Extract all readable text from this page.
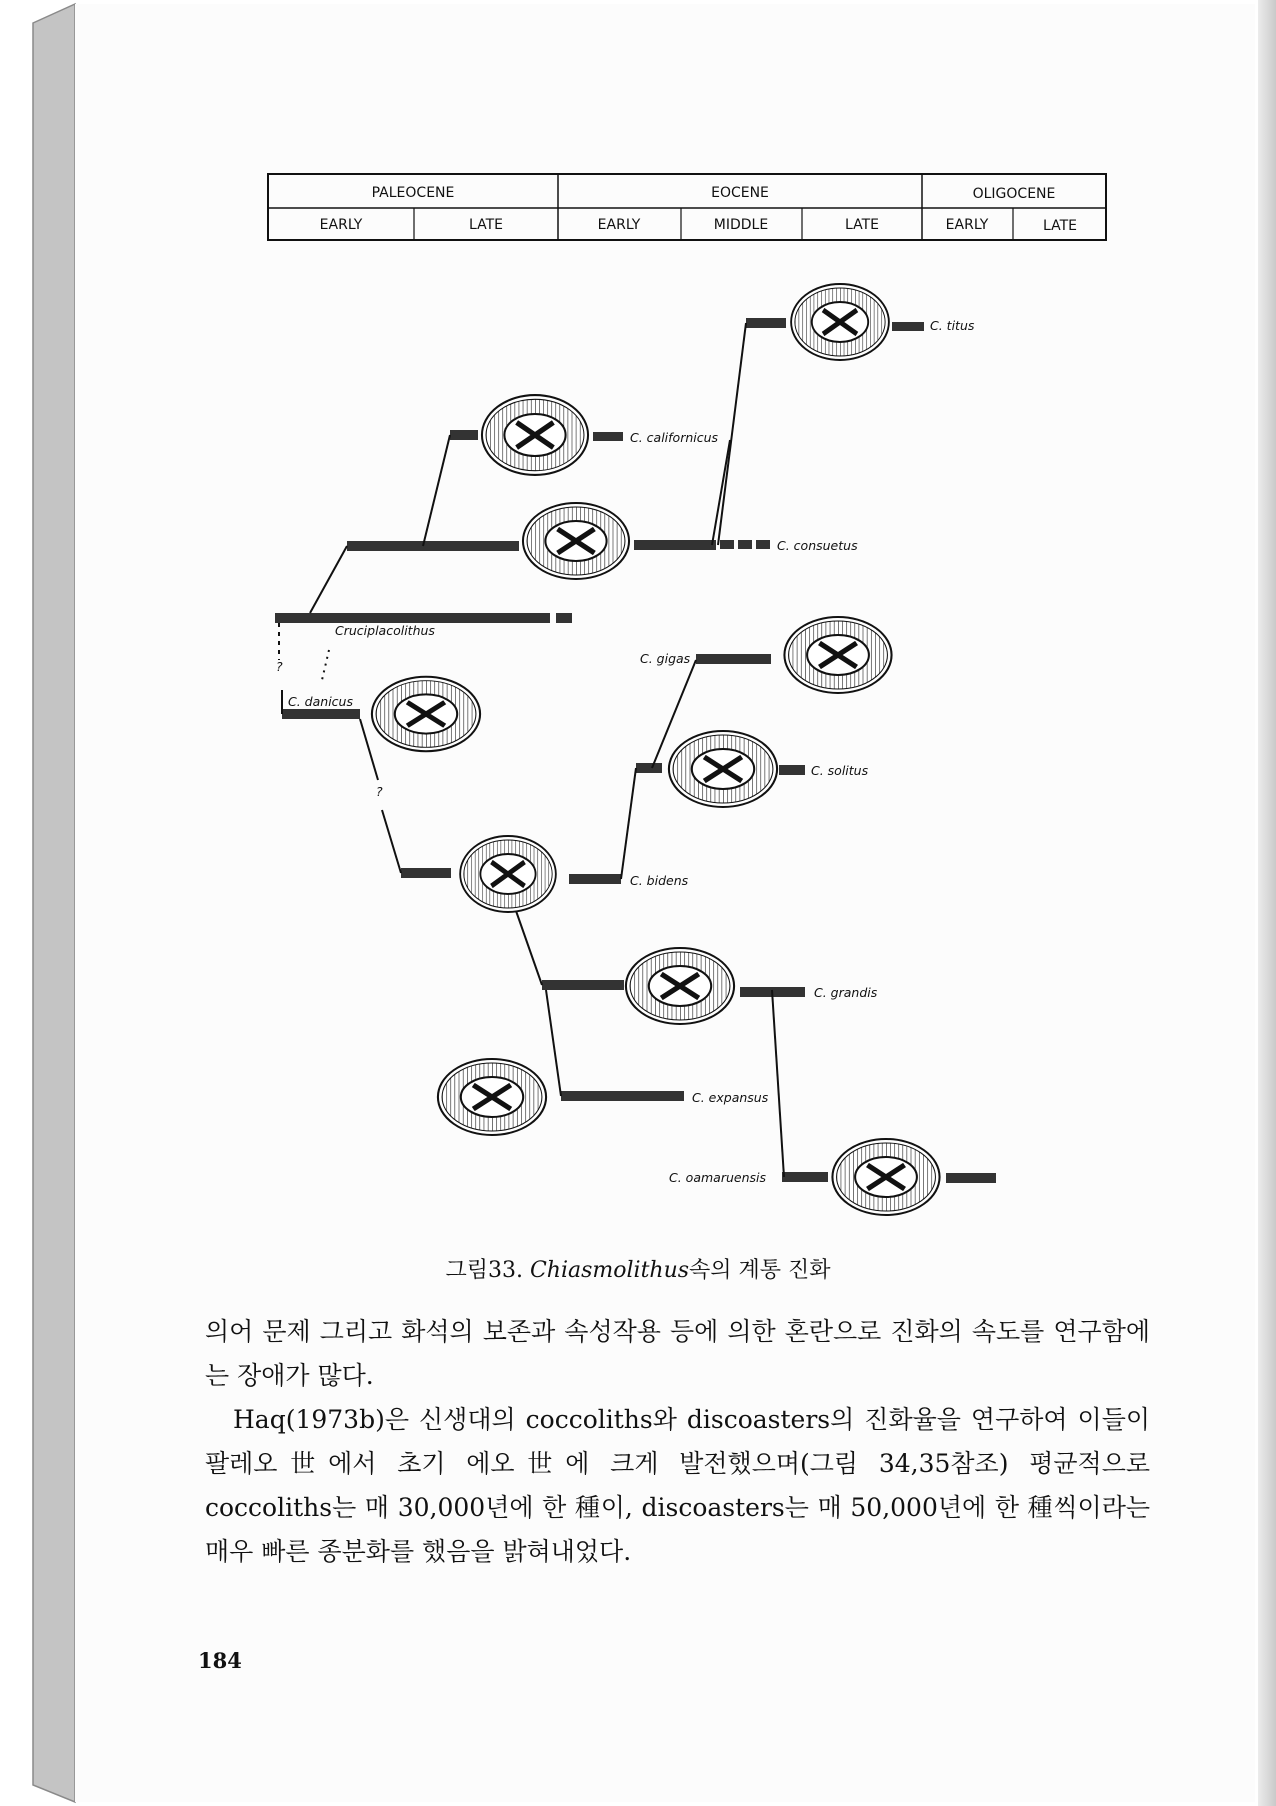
PALEOCENE	EOCENE	OLIGOCENE
EARLY	LATE	EARLY	MIDDLE	LATE	EARLY	LATE
C. titus
C. californicus
C. consuetus
Cruciplacolithus
C. gigas
C. danicus
C. solitus
C. bidens
C. grandis
C. expansus
C. oamaruensis
?
?
그림33. Chiasmolithus속의 계통 진화

의어 문제 그리고 화석의 보존과 속성작용 등에 의한 혼란으로 진화의 속도를 연구함에는 장애가 많다.

Haq(1973b)은 신생대의 coccoliths와 discoasters의 진화율을 연구하여 이들이 팔레오世에서 초기 에오世에 크게 발전했으며(그림 34,35참조) 평균적으로 coccoliths는 매 30,000년에 한 種이, discoasters는 매 50,000년에 한 種씩이라는 매우 빠른 종분화를 했음을 밝혀내었다.

184
